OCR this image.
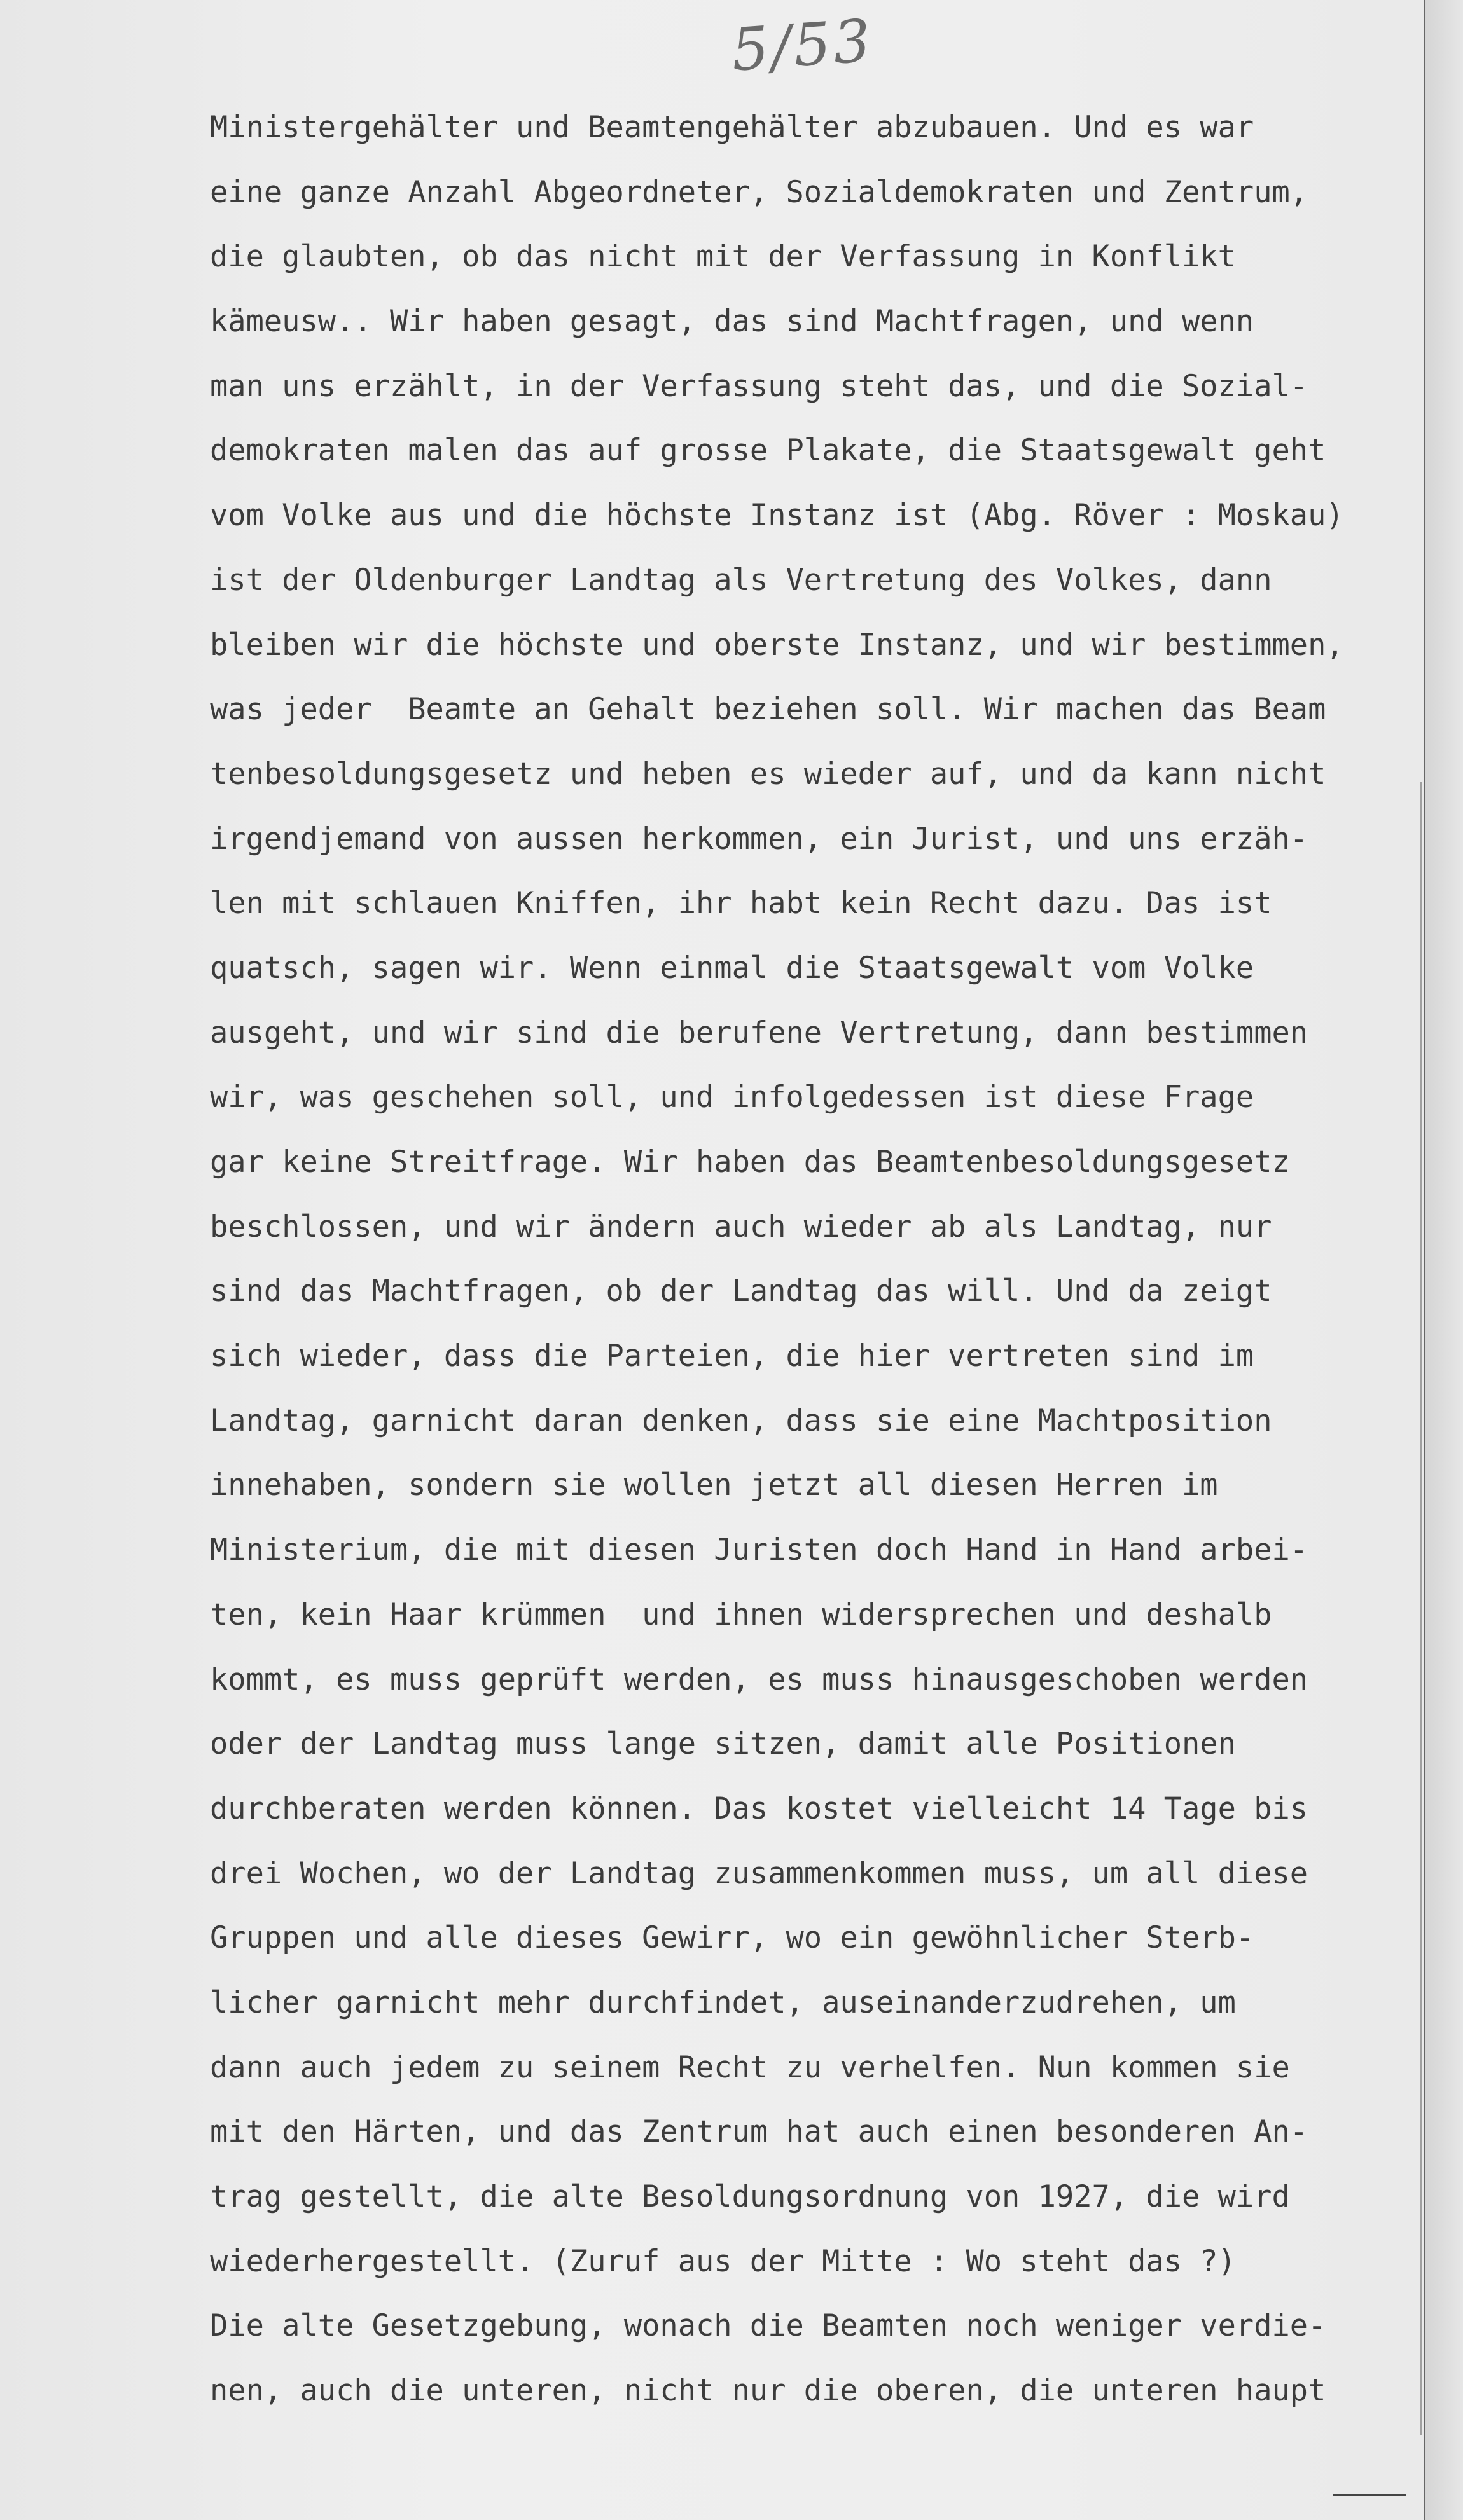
5/53
Ministergehälter und Beamtengehälter abzubauen. Und es war
eine ganze Anzahl Abgeordneter, Sozialdemokraten und Zentrum,
die glaubten, ob das nicht mit der Verfassung in Konflikt
kämeusw.. Wir haben gesagt, das sind Machtfragen, und wenn
man uns erzählt, in der Verfassung steht das, und die Sozial-
demokraten malen das auf grosse Plakate, die Staatsgewalt geht
vom Volke aus und die höchste Instanz ist (Abg. Röver : Moskau)
ist der Oldenburger Landtag als Vertretung des Volkes, dann
bleiben wir die höchste und oberste Instanz, und wir bestimmen,
was jeder  Beamte an Gehalt beziehen soll. Wir machen das Beam
tenbesoldungsgesetz und heben es wieder auf, und da kann nicht
irgendjemand von aussen herkommen, ein Jurist, und uns erzäh-
len mit schlauen Kniffen, ihr habt kein Recht dazu. Das ist
quatsch, sagen wir. Wenn einmal die Staatsgewalt vom Volke
ausgeht, und wir sind die berufene Vertretung, dann bestimmen
wir, was geschehen soll, und infolgedessen ist diese Frage
gar keine Streitfrage. Wir haben das Beamtenbesoldungsgesetz
beschlossen, und wir ändern auch wieder ab als Landtag, nur
sind das Machtfragen, ob der Landtag das will. Und da zeigt
sich wieder, dass die Parteien, die hier vertreten sind im
Landtag, garnicht daran denken, dass sie eine Machtposition
innehaben, sondern sie wollen jetzt all diesen Herren im
Ministerium, die mit diesen Juristen doch Hand in Hand arbei-
ten, kein Haar krümmen  und ihnen widersprechen und deshalb
kommt, es muss geprüft werden, es muss hinausgeschoben werden
oder der Landtag muss lange sitzen, damit alle Positionen
durchberaten werden können. Das kostet vielleicht 14 Tage bis
drei Wochen, wo der Landtag zusammenkommen muss, um all diese
Gruppen und alle dieses Gewirr, wo ein gewöhnlicher Sterb-
licher garnicht mehr durchfindet, auseinanderzudrehen, um
dann auch jedem zu seinem Recht zu verhelfen. Nun kommen sie
mit den Härten, und das Zentrum hat auch einen besonderen An-
trag gestellt, die alte Besoldungsordnung von 1927, die wird
wiederhergestellt. (Zuruf aus der Mitte : Wo steht das ?)
Die alte Gesetzgebung, wonach die Beamten noch weniger verdie-
nen, auch die unteren, nicht nur die oberen, die unteren haupt
